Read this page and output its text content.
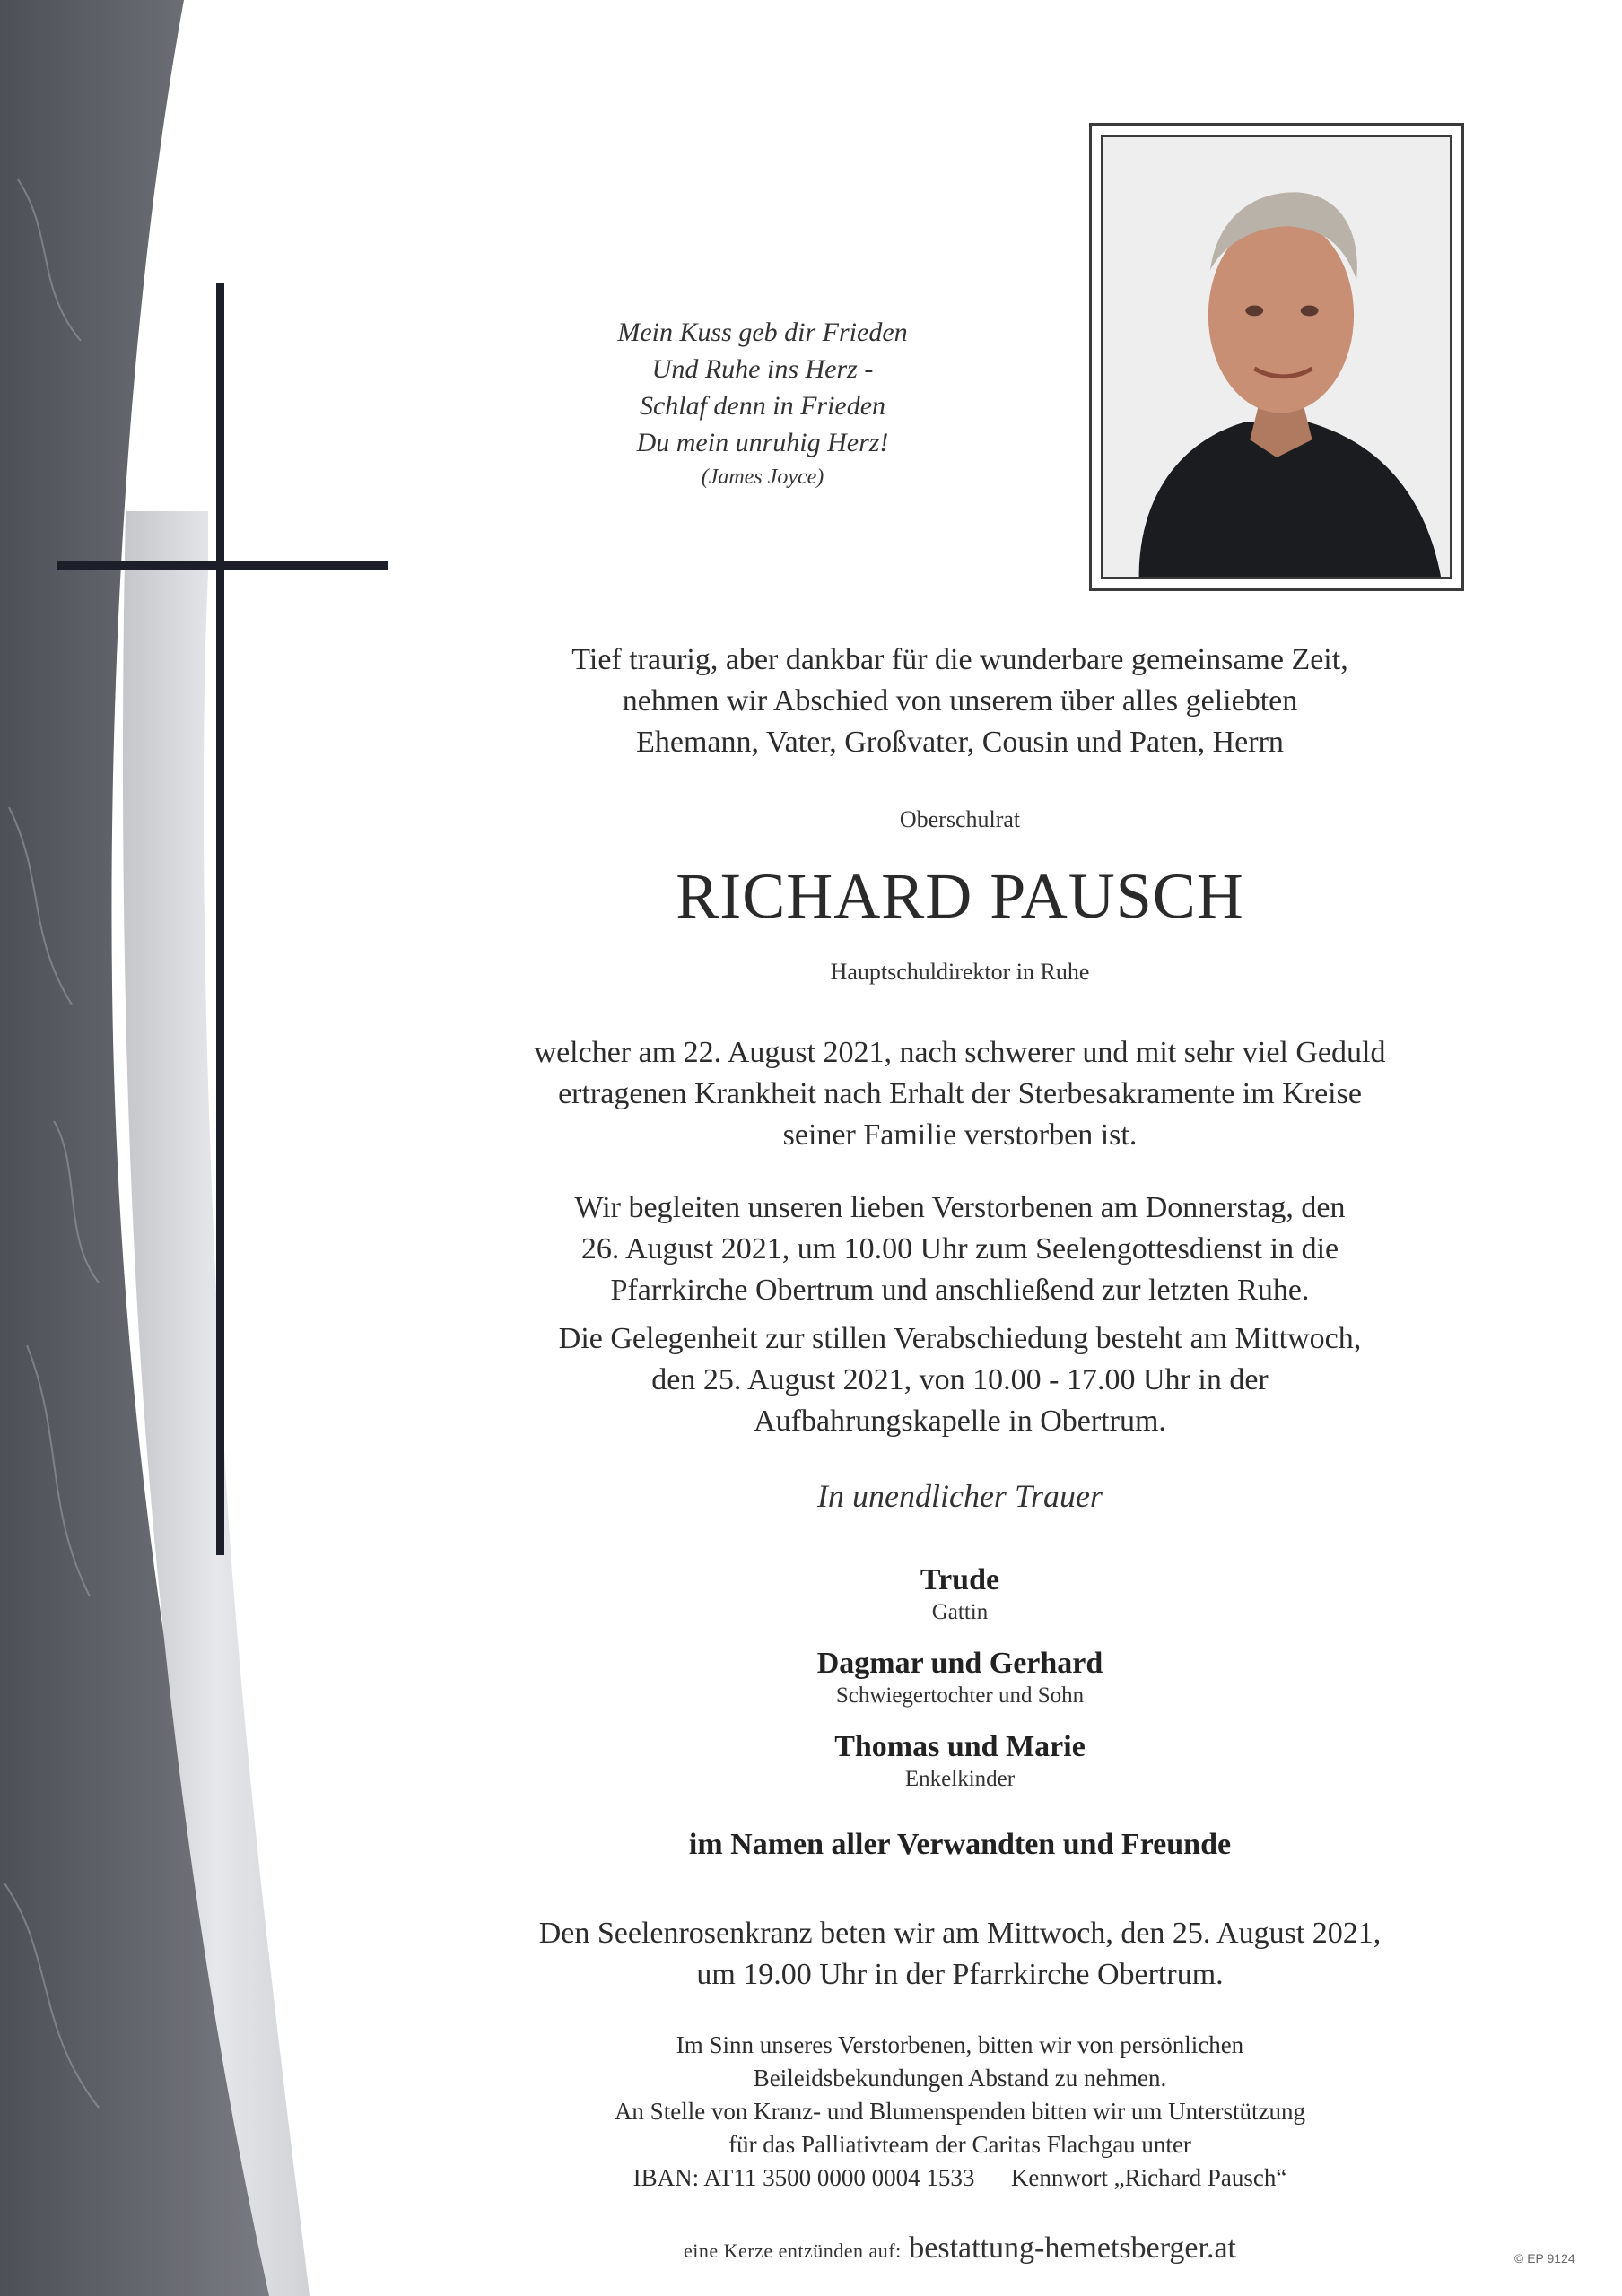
Mein Kuss geb dir Frieden
Und Ruhe ins Herz -
Schlaf denn in Frieden
Du mein unruhig Herz!
(James Joyce)
Tief traurig, aber dankbar für die wunderbare gemeinsame Zeit,
nehmen wir Abschied von unserem über alles geliebten
Ehemann, Vater, Großvater, Cousin und Paten, Herrn
Oberschulrat
RICHARD PAUSCH
Hauptschuldirektor in Ruhe
welcher am 22. August 2021, nach schwerer und mit sehr viel Geduld
ertragenen Krankheit nach Erhalt der Sterbesakramente im Kreise
seiner Familie verstorben ist.
Wir begleiten unseren lieben Verstorbenen am Donnerstag, den
26. August 2021, um 10.00 Uhr zum Seelengottesdienst in die
Pfarrkirche Obertrum und anschließend zur letzten Ruhe.
Die Gelegenheit zur stillen Verabschiedung besteht am Mittwoch,
den 25. August 2021, von 10.00 - 17.00 Uhr in der
Aufbahrungskapelle in Obertrum.
In unendlicher Trauer
Trude
Gattin
Dagmar und Gerhard
Schwiegertochter und Sohn
Thomas und Marie
Enkelkinder
im Namen aller Verwandten und Freunde
Den Seelenrosenkranz beten wir am Mittwoch, den 25. August 2021,
um 19.00 Uhr in der Pfarrkirche Obertrum.
Im Sinn unseres Verstorbenen, bitten wir von persönlichen
Beileidsbekundungen Abstand zu nehmen.
An Stelle von Kranz- und Blumenspenden bitten wir um Unterstützung
für das Palliativteam der Caritas Flachgau unter
IBAN: AT11 3500 0000 0004 1533      Kennwort „Richard Pausch“
eine Kerze entzünden auf: bestattung-hemetsberger.at	© EP 9124
